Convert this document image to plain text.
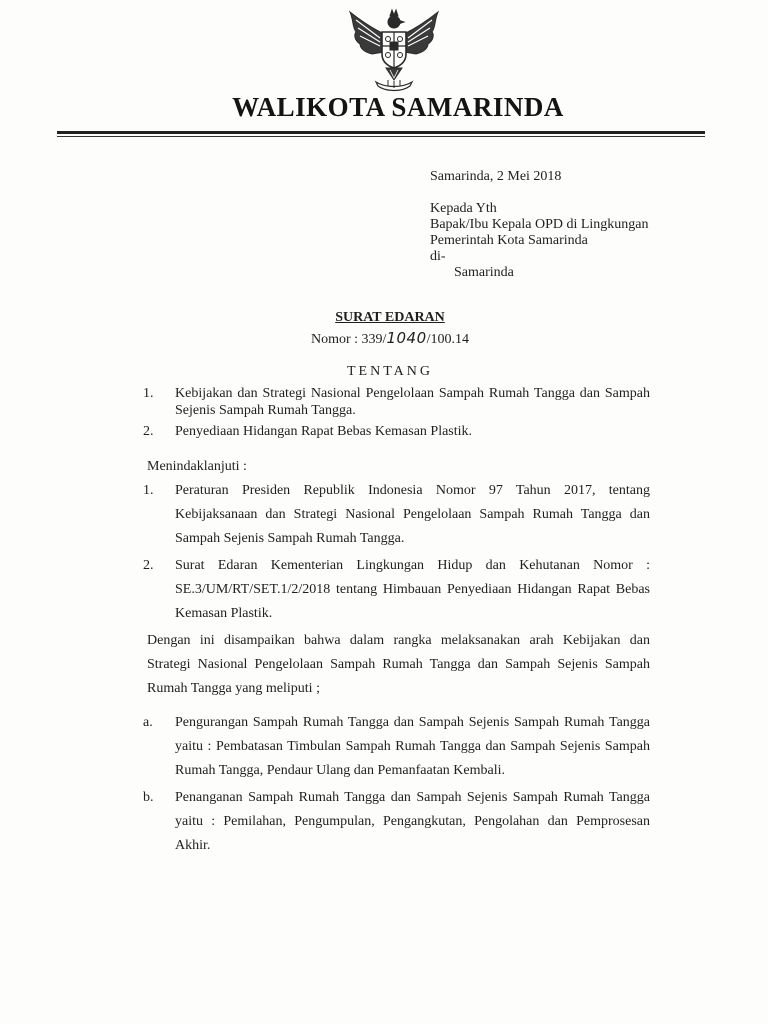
WALIKOTA SAMARINDA
Samarinda, 2 Mei 2018
Kepada Yth
Bapak/Ibu Kepala OPD di Lingkungan
Pemerintah Kota Samarinda
di-
Samarinda
SURAT EDARAN
Nomor : 339/1040/100.14
TENTANG
1.	Kebijakan dan Strategi Nasional Pengelolaan Sampah Rumah Tangga dan Sampah
Sejenis Sampah Rumah Tangga.
2.	Penyediaan Hidangan Rapat Bebas Kemasan Plastik.
Menindaklanjuti :
1.	Peraturan Presiden Republik Indonesia Nomor 97 Tahun 2017, tentang
Kebijaksanaan dan Strategi Nasional Pengelolaan Sampah Rumah Tangga dan
Sampah Sejenis Sampah Rumah Tangga.
2.	Surat Edaran Kementerian Lingkungan Hidup dan Kehutanan Nomor :
SE.3/UM/RT/SET.1/2/2018 tentang Himbauan Penyediaan Hidangan Rapat Bebas
Kemasan Plastik.
Dengan ini disampaikan bahwa dalam rangka melaksanakan arah Kebijakan dan
Strategi Nasional Pengelolaan Sampah Rumah Tangga dan Sampah Sejenis Sampah
Rumah Tangga yang meliputi ;
a.	Pengurangan Sampah Rumah Tangga dan Sampah Sejenis Sampah Rumah Tangga
yaitu : Pembatasan Timbulan Sampah Rumah Tangga dan Sampah Sejenis Sampah
Rumah Tangga, Pendaur Ulang dan Pemanfaatan Kembali.
b.	Penanganan Sampah Rumah Tangga dan Sampah Sejenis Sampah Rumah Tangga
yaitu : Pemilahan, Pengumpulan, Pengangkutan, Pengolahan dan Pemprosesan
Akhir.
